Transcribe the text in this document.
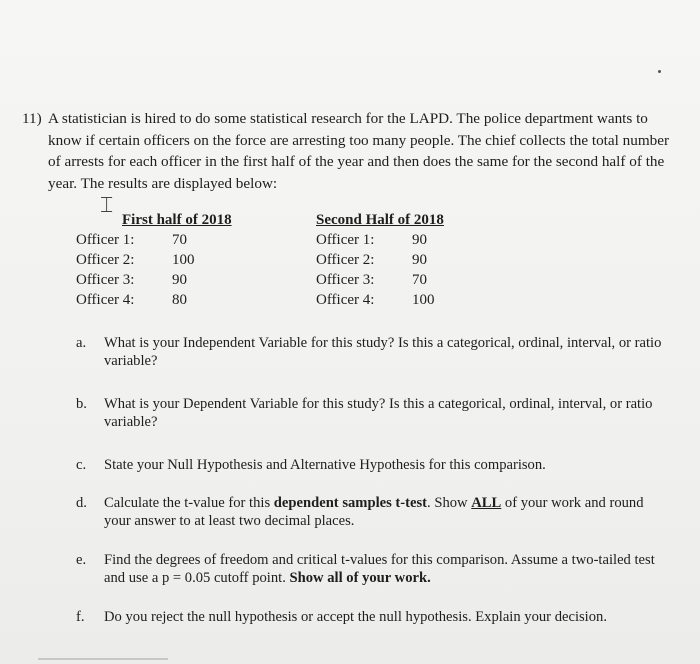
11) A statistician is hired to do some statistical research for the LAPD. The police department wants to know if certain officers on the force are arresting too many people. The chief collects the total number of arrests for each officer in the first half of the year and then does the same for the second half of the year. The results are displayed below:
⌶
First half of 2018
Officer 1:	70
Officer 2:	100
Officer 3:	90
Officer 4:	80
Second Half of 2018
Officer 1:	90
Officer 2:	90
Officer 3:	70
Officer 4:	100
a. What is your Independent Variable for this study? Is this a categorical, ordinal, interval, or ratio variable?
b. What is your Dependent Variable for this study? Is this a categorical, ordinal, interval, or ratio variable?
c. State your Null Hypothesis and Alternative Hypothesis for this comparison.
d. Calculate the t-value for this dependent samples t-test. Show ALL of your work and round your answer to at least two decimal places.
e. Find the degrees of freedom and critical t-values for this comparison. Assume a two-tailed test and use a p = 0.05 cutoff point. Show all of your work.
f. Do you reject the null hypothesis or accept the null hypothesis. Explain your decision.
